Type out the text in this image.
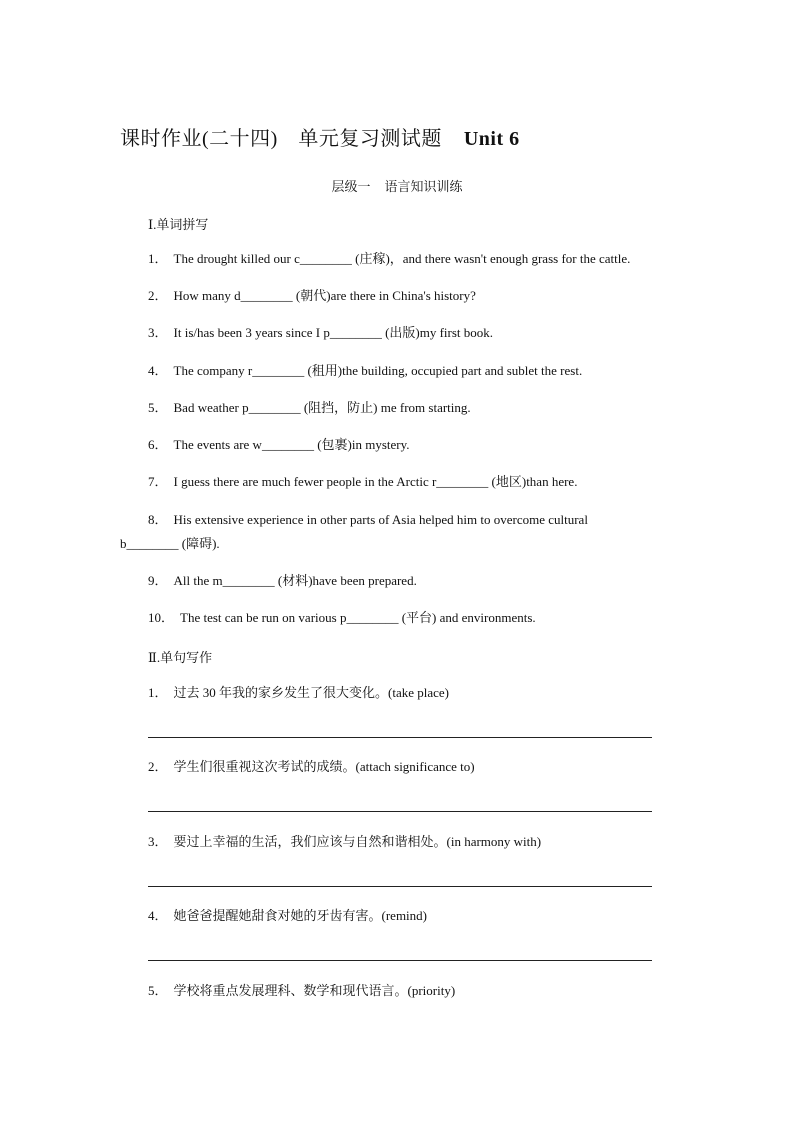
课时作业(二十四)　单元复习测试题 Unit 6
层级一 语言知识训练
Ⅰ.单词拼写
1． The drought killed our c________ (庄稼)，and there wasn't enough grass for the cattle.
2． How many d________ (朝代)are there in China's history?
3． It is/has been 3 years since I p________ (出版)my first book.
4． The company r________ (租用)the building, occupied part and sublet the rest.
5． Bad weather p________ (阻挡，防止) me from starting.
6． The events are w________ (包裹)in mystery.
7． I guess there are much fewer people in the Arctic r________ (地区)than here.
8． His extensive experience in other parts of Asia helped him to overcome cultural
b________ (障碍).
9． All the m________ (材料)have been prepared.
10． The test can be run on various p________ (平台) and environments.
Ⅱ.单句写作
1． 过去 30 年我的家乡发生了很大变化。(take place)
2． 学生们很重视这次考试的成绩。(attach significance to)
3． 要过上幸福的生活，我们应该与自然和谐相处。(in harmony with)
4． 她爸爸提醒她甜食对她的牙齿有害。(remind)
5． 学校将重点发展理科、数学和现代语言。(priority)
